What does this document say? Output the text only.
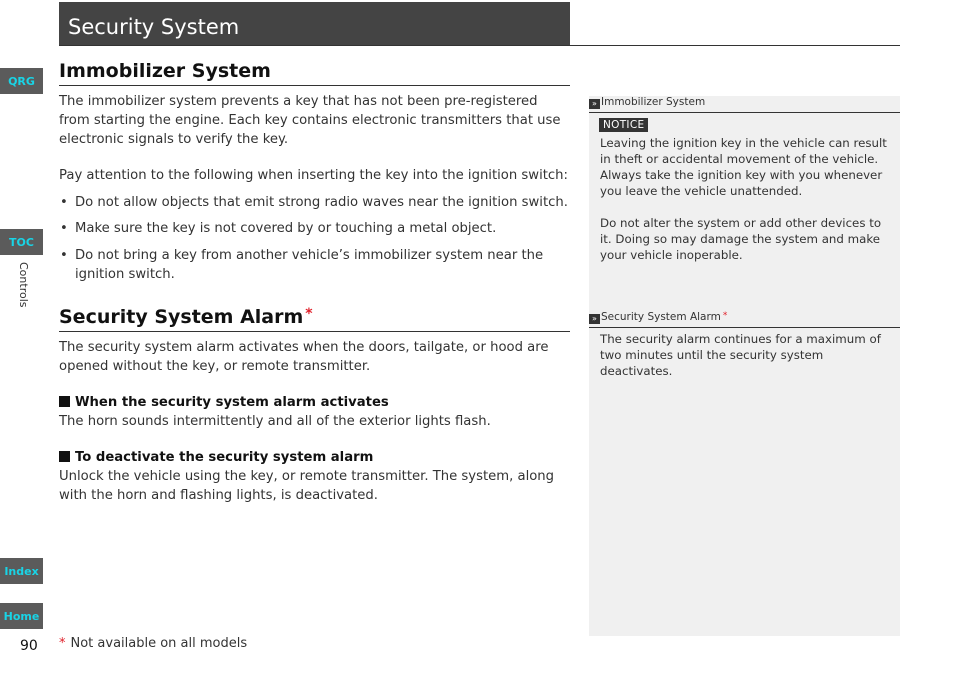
QRG
TOC
Controls
Index
Home
Security System
Immobilizer System
The immobilizer system prevents a key that has not been pre-registered from starting the engine. Each key contains electronic transmitters that use electronic signals to verify the key.
Pay attention to the following when inserting the key into the ignition switch:
• Do not allow objects that emit strong radio waves near the ignition switch.
• Make sure the key is not covered by or touching a metal object.
• Do not bring a key from another vehicle’s immobilizer system near the ignition switch.
Security System Alarm *
The security system alarm activates when the doors, tailgate, or hood are opened without the key, or remote transmitter.
When the security system alarm activates
The horn sounds intermittently and all of the exterior lights flash.
To deactivate the security system alarm
Unlock the vehicle using the key, or remote transmitter. The system, along with the horn and flashing lights, is deactivated.
» Immobilizer System
NOTICE
Leaving the ignition key in the vehicle can result in theft or accidental movement of the vehicle.
Always take the ignition key with you whenever you leave the vehicle unattended.
Do not alter the system or add other devices to it. Doing so may damage the system and make your vehicle inoperable.
» Security System Alarm *
The security alarm continues for a maximum of two minutes until the security system deactivates.
90 * Not available on all models
